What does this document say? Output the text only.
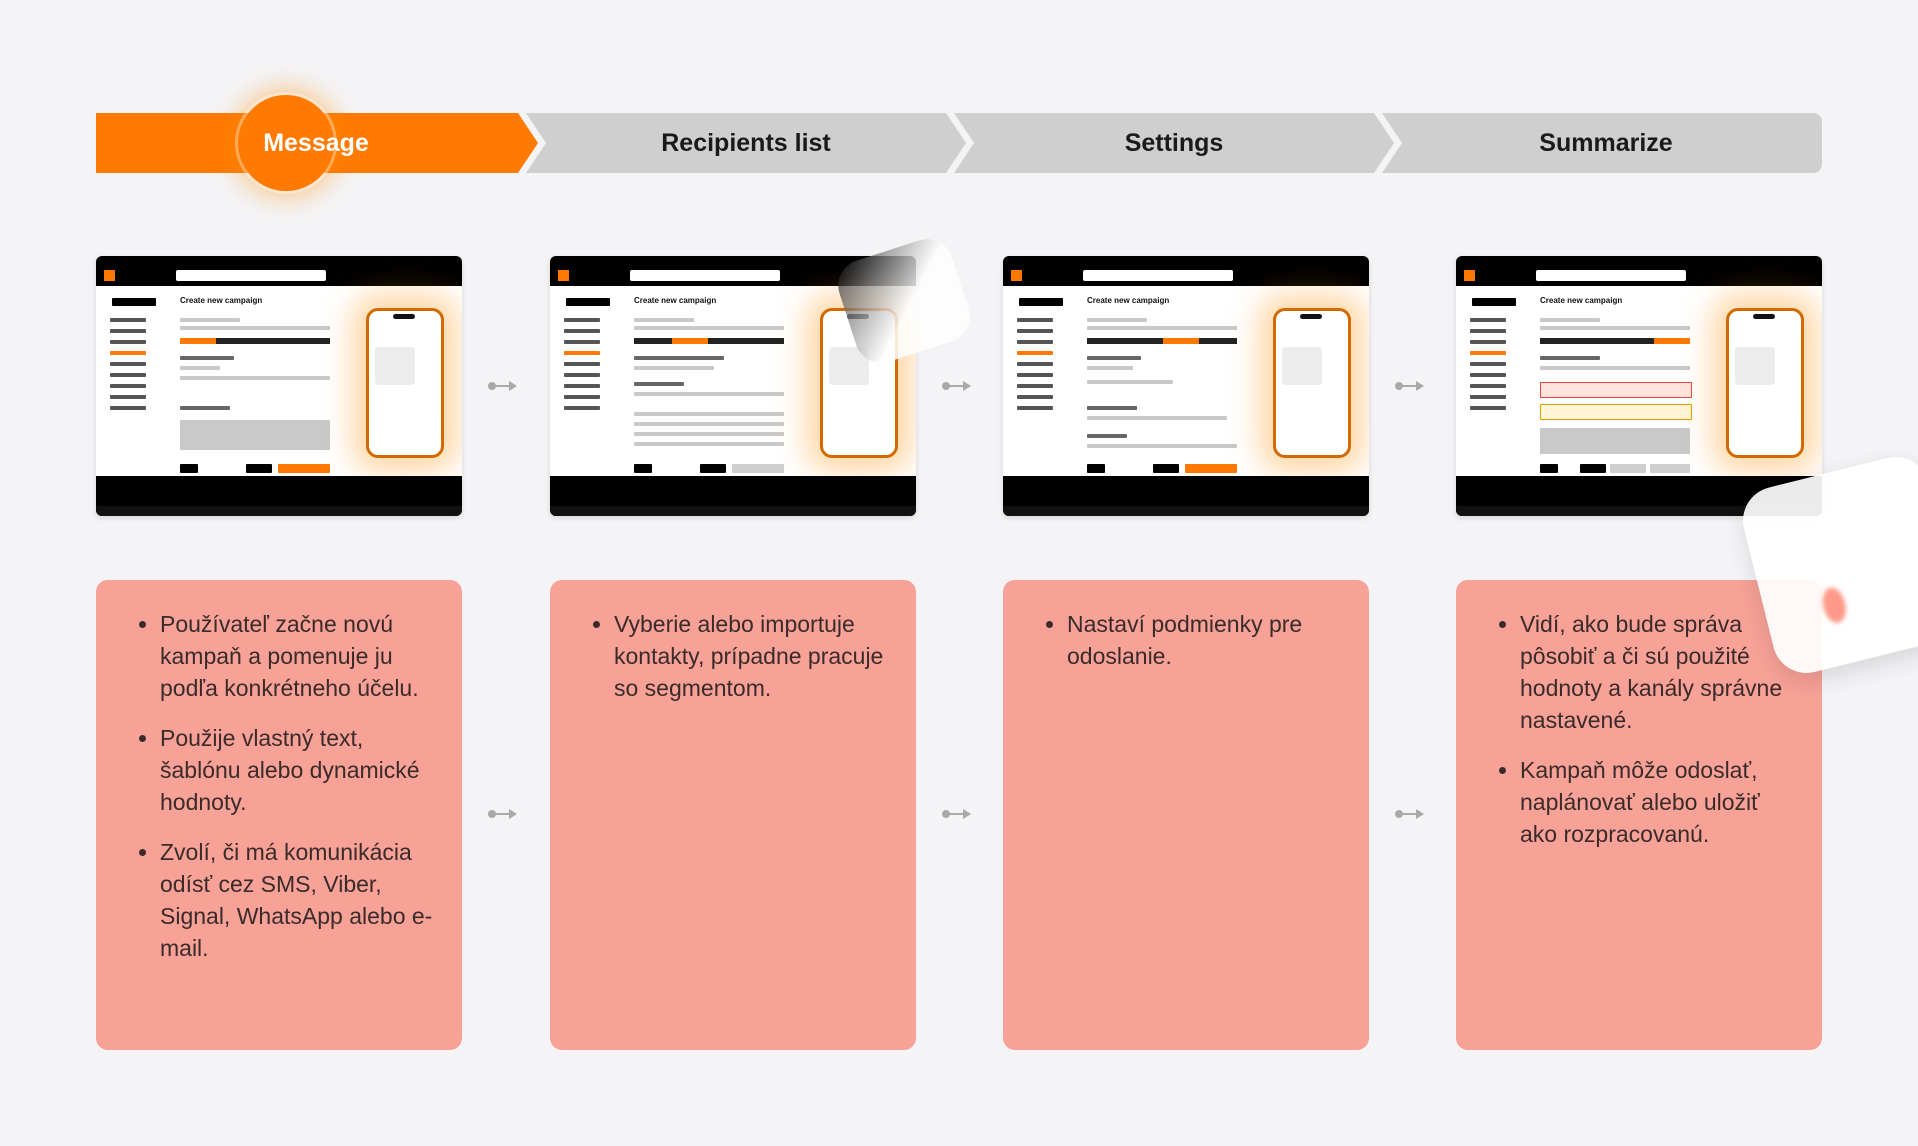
Message	Recipients list	Settings	Summarize
Create new campaign	Create new campaign	Create new campaign	Create new campaign
• Používateľ začne novú kampaň a pomenuje ju podľa konkrétneho účelu.
• Použije vlastný text, šablónu alebo dynamické hodnoty.
• Zvolí, či má komunikácia odísť cez SMS, Viber, Signal, WhatsApp alebo e-mail.
• Vyberie alebo importuje kontakty, prípadne pracuje so segmentom.
• Nastaví podmienky pre odoslanie.
• Vidí, ako bude správa pôsobiť a či sú použité hodnoty a kanály správne nastavené.
• Kampaň môže odoslať, naplánovať alebo uložiť ako rozpracovanú.
